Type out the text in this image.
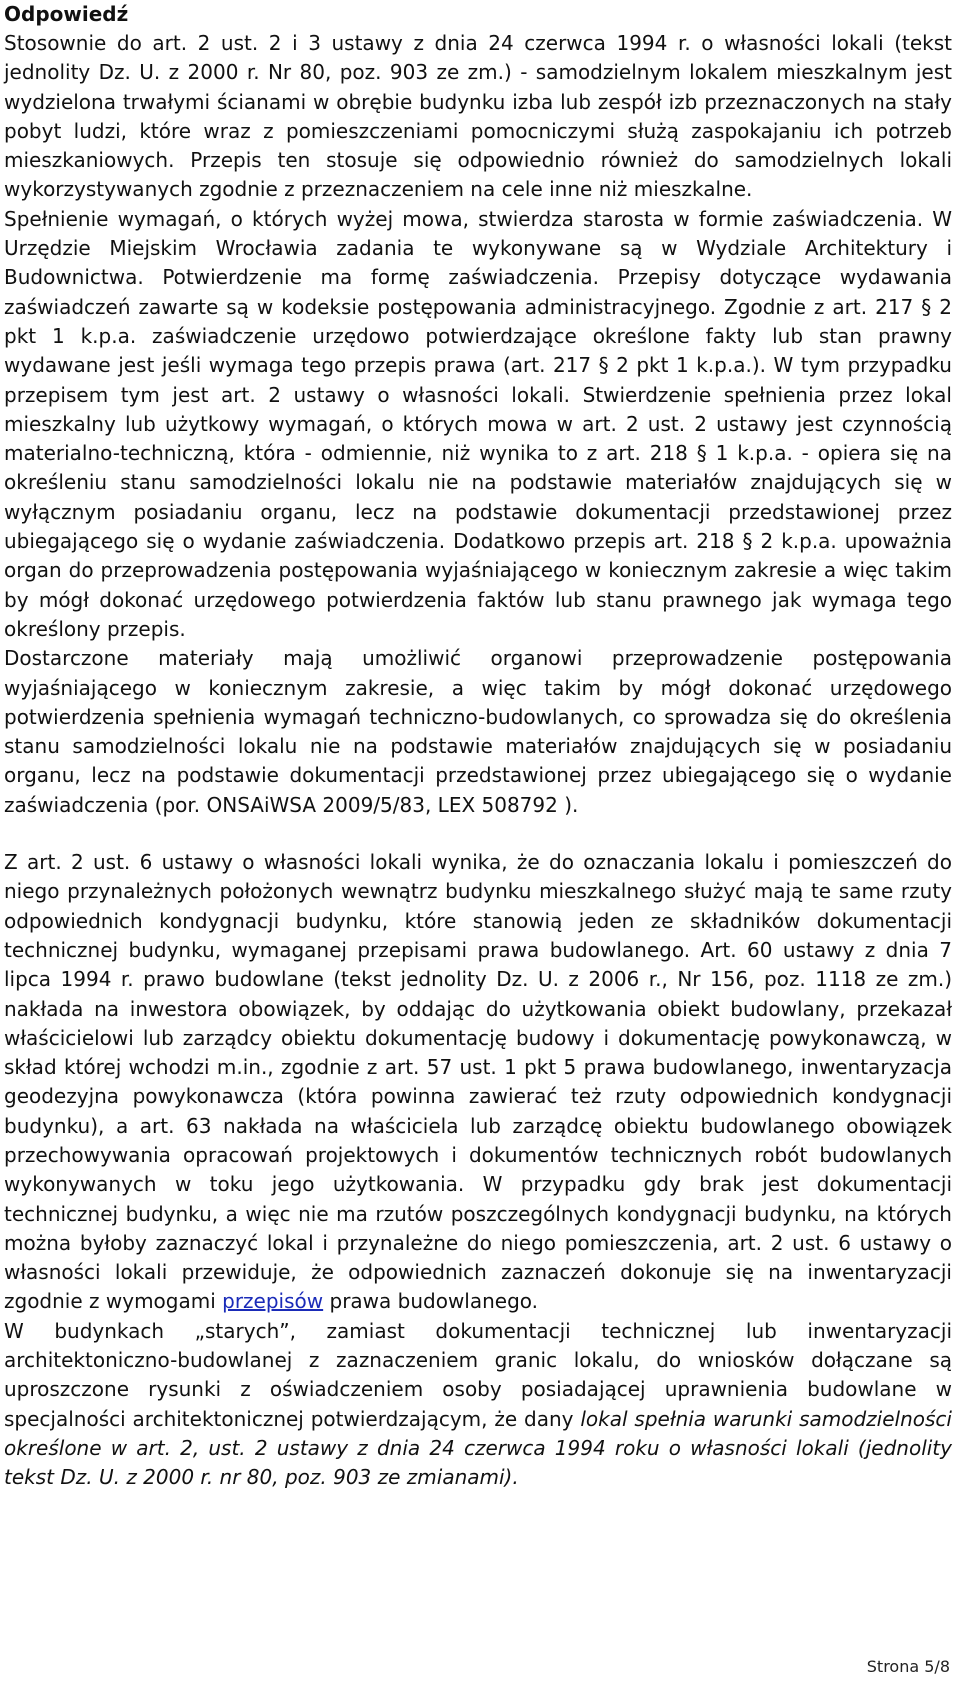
Odpowiedź

Stosownie do art. 2 ust. 2 i 3 ustawy z dnia 24 czerwca 1994 r. o własności lokali (tekst jednolity Dz. U. z 2000 r. Nr 80, poz. 903 ze zm.) - samodzielnym lokalem mieszkalnym jest wydzielona trwałymi ścianami w obrębie budynku izba lub zespół izb przeznaczonych na stały pobyt ludzi, które wraz z pomieszczeniami pomocniczymi służą zaspokajaniu ich potrzeb mieszkaniowych. Przepis ten stosuje się odpowiednio również do samodzielnych lokali wykorzystywanych zgodnie z przeznaczeniem na cele inne niż mieszkalne.

Spełnienie wymagań, o których wyżej mowa, stwierdza starosta w formie zaświadczenia. W Urzędzie Miejskim Wrocławia zadania te wykonywane są w Wydziale Architektury i Budownictwa. Potwierdzenie ma formę zaświadczenia. Przepisy dotyczące wydawania zaświadczeń zawarte są w kodeksie postępowania administracyjnego. Zgodnie z art. 217 § 2 pkt 1 k.p.a. zaświadczenie urzędowo potwierdzające określone fakty lub stan prawny wydawane jest jeśli wymaga tego przepis prawa (art. 217 § 2 pkt 1 k.p.a.). W tym przypadku przepisem tym jest art. 2 ustawy o własności lokali. Stwierdzenie spełnienia przez lokal mieszkalny lub użytkowy wymagań, o których mowa w art. 2 ust. 2 ustawy jest czynnością materialno-techniczną, która - odmiennie, niż wynika to z art. 218 § 1 k.p.a. - opiera się na określeniu stanu samodzielności lokalu nie na podstawie materiałów znajdujących się w wyłącznym posiadaniu organu, lecz na podstawie dokumentacji przedstawionej przez ubiegającego się o wydanie zaświadczenia. Dodatkowo przepis art. 218 § 2 k.p.a. upoważnia organ do przeprowadzenia postępowania wyjaśniającego w koniecznym zakresie a więc takim by mógł dokonać urzędowego potwierdzenia faktów lub stanu prawnego jak wymaga tego określony przepis.

Dostarczone materiały mają umożliwić organowi przeprowadzenie postępowania wyjaśniającego w koniecznym zakresie, a więc takim by mógł dokonać urzędowego potwierdzenia spełnienia wymagań techniczno-budowlanych, co sprowadza się do określenia stanu samodzielności lokalu nie na podstawie materiałów znajdujących się w posiadaniu organu, lecz na podstawie dokumentacji przedstawionej przez ubiegającego się o wydanie zaświadczenia (por. ONSAiWSA 2009/5/83, LEX 508792 ).

Z art. 2 ust. 6 ustawy o własności lokali wynika, że do oznaczania lokalu i pomieszczeń do niego przynależnych położonych wewnątrz budynku mieszkalnego służyć mają te same rzuty odpowiednich kondygnacji budynku, które stanowią jeden ze składników dokumentacji technicznej budynku, wymaganej przepisami prawa budowlanego. Art. 60 ustawy z dnia 7 lipca 1994 r. prawo budowlane (tekst jednolity Dz. U. z 2006 r., Nr 156, poz. 1118 ze zm.) nakłada na inwestora obowiązek, by oddając do użytkowania obiekt budowlany, przekazał właścicielowi lub zarządcy obiektu dokumentację budowy i dokumentację powykonawczą, w skład której wchodzi m.in., zgodnie z art. 57 ust. 1 pkt 5 prawa budowlanego, inwentaryzacja geodezyjna powykonawcza (która powinna zawierać też rzuty odpowiednich kondygnacji budynku), a art. 63 nakłada na właściciela lub zarządcę obiektu budowlanego obowiązek przechowywania opracowań projektowych i dokumentów technicznych robót budowlanych wykonywanych w toku jego użytkowania. W przypadku gdy brak jest dokumentacji technicznej budynku, a więc nie ma rzutów poszczególnych kondygnacji budynku, na których można byłoby zaznaczyć lokal i przynależne do niego pomieszczenia, art. 2 ust. 6 ustawy o własności lokali przewiduje, że odpowiednich zaznaczeń dokonuje się na inwentaryzacji zgodnie z wymogami przepisów prawa budowlanego.

W budynkach „starych”, zamiast dokumentacji technicznej lub inwentaryzacji architektoniczno-budowlanej z zaznaczeniem granic lokalu, do wniosków dołączane są uproszczone rysunki z oświadczeniem osoby posiadającej uprawnienia budowlane w specjalności architektonicznej potwierdzającym, że dany lokal spełnia warunki samodzielności określone w art. 2, ust. 2 ustawy z dnia 24 czerwca 1994 roku o własności lokali (jednolity tekst Dz. U. z 2000 r. nr 80, poz. 903 ze zmianami).

Strona 5/8
